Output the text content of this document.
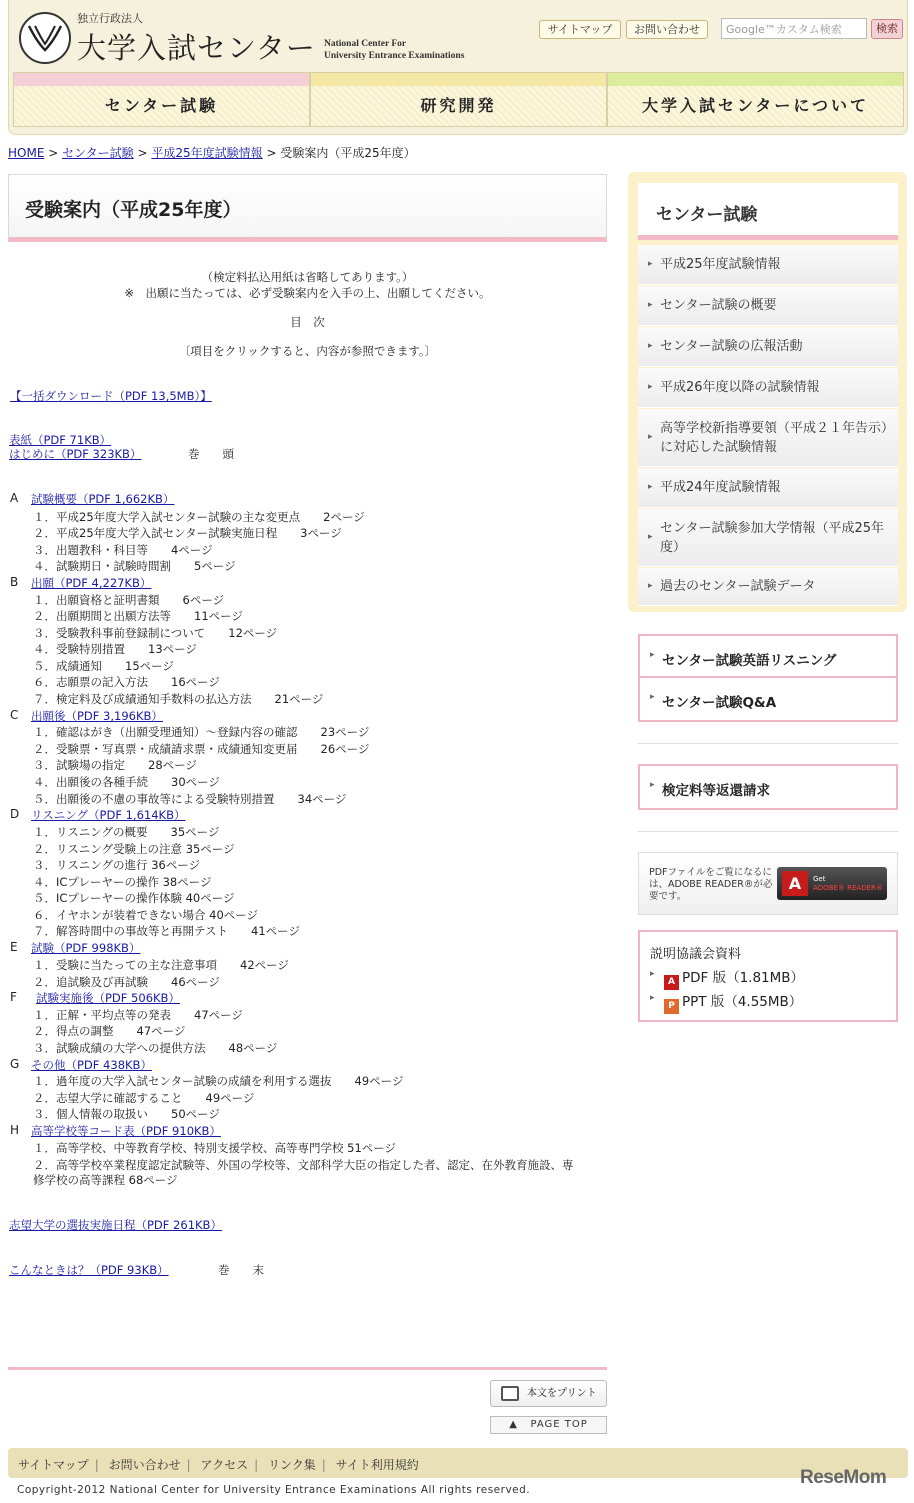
独立行政法人
大学入試センター National Center For
University Entrance Examinations
サイトマップ	お問い合わせ	Google™カスタム検索	検索
センター試験	研究開発	大学入試センターについて
HOME > センター試験 > 平成25年度試験情報 > 受験案内（平成25年度）
受験案内（平成25年度）
（検定料払込用紙は省略してあります。）
※　出願に当たっては、必ず受験案内を入手の上、出願してください。
目　次
〔項目をクリックすると、内容が参照できます。〕
【一括ダウンロード（PDF 13,5MB）】
表紙（PDF 71KB）
はじめに（PDF 323KB）	巻　　頭
A 試験概要（PDF 1,662KB）
１．平成25年度大学入試センター試験の主な変更点　　2ページ
２．平成25年度大学入試センター試験実施日程　　3ページ
３．出題教科・科目等　　4ページ
４．試験期日・試験時間割　　5ページ
B 出願（PDF 4,227KB）
１．出願資格と証明書類　　6ページ
２．出願期間と出願方法等　　11ページ
３．受験教科事前登録制について　　12ページ
４．受験特別措置　　13ページ
５．成績通知　　15ページ
６．志願票の記入方法　　16ページ
７．検定料及び成績通知手数料の払込方法　　21ページ
C 出願後（PDF 3,196KB）
１．確認はがき（出願受理通知）～登録内容の確認　　23ページ
２．受験票・写真票・成績請求票・成績通知変更届　　26ページ
３．試験場の指定　　28ページ
４．出願後の各種手続　　30ページ
５．出願後の不慮の事故等による受験特別措置　　34ページ
D リスニング（PDF 1,614KB）
１．リスニングの概要　　35ページ
２．リスニング受験上の注意 35ページ
３．リスニングの進行 36ページ
４．ICプレーヤーの操作 38ページ
５．ICプレーヤーの操作体験 40ページ
６．イヤホンが装着できない場合 40ページ
７．解答時間中の事故等と再開テスト　　41ページ
E 試験（PDF 998KB）
１．受験に当たっての主な注意事項　　42ページ
２．追試験及び再試験　　46ページ
F 試験実施後（PDF 506KB）
１．正解・平均点等の発表　　47ページ
２．得点の調整　　47ページ
３．試験成績の大学への提供方法　　48ページ
G その他（PDF 438KB）
１．過年度の大学入試センター試験の成績を利用する選抜　　49ページ
２．志望大学に確認すること　　49ページ
３．個人情報の取扱い　　50ページ
H 高等学校等コード表（PDF 910KB）
１．高等学校、中等教育学校、特別支援学校、高等専門学校 51ページ
２．高等学校卒業程度認定試験等、外国の学校等、文部科学大臣の指定した者、認定、在外教育施設、専修学校の高等課程 68ページ
志望大学の選抜実施日程（PDF 261KB）
こんなときは？（PDF 93KB）	巻　　末
本文をプリント
▲ PAGE TOP
センター試験
▸ 平成25年度試験情報
▸ センター試験の概要
▸ センター試験の広報活動
▸ 平成26年度以降の試験情報
▸ 高等学校新指導要領（平成２１年告示）に対応した試験情報
▸ 平成24年度試験情報
▸ センター試験参加大学情報（平成25年度）
▸ 過去のセンター試験データ
▸ センター試験英語リスニング
▸ センター試験Q&A
▸ 検定料等返還請求
PDFファイルをご覧になるには、ADOBE READER®が必要です。
A	Get
ADOBE® READER®
説明協議会資料
▸
A PDF 版（1.81MB）
▸
P PPT 版（4.55MB）
サイトマップ | お問い合わせ | アクセス | リンク集 | サイト利用規約
Copyright-2012 National Center for University Entrance Examinations All rights reserved.
ReseMom
